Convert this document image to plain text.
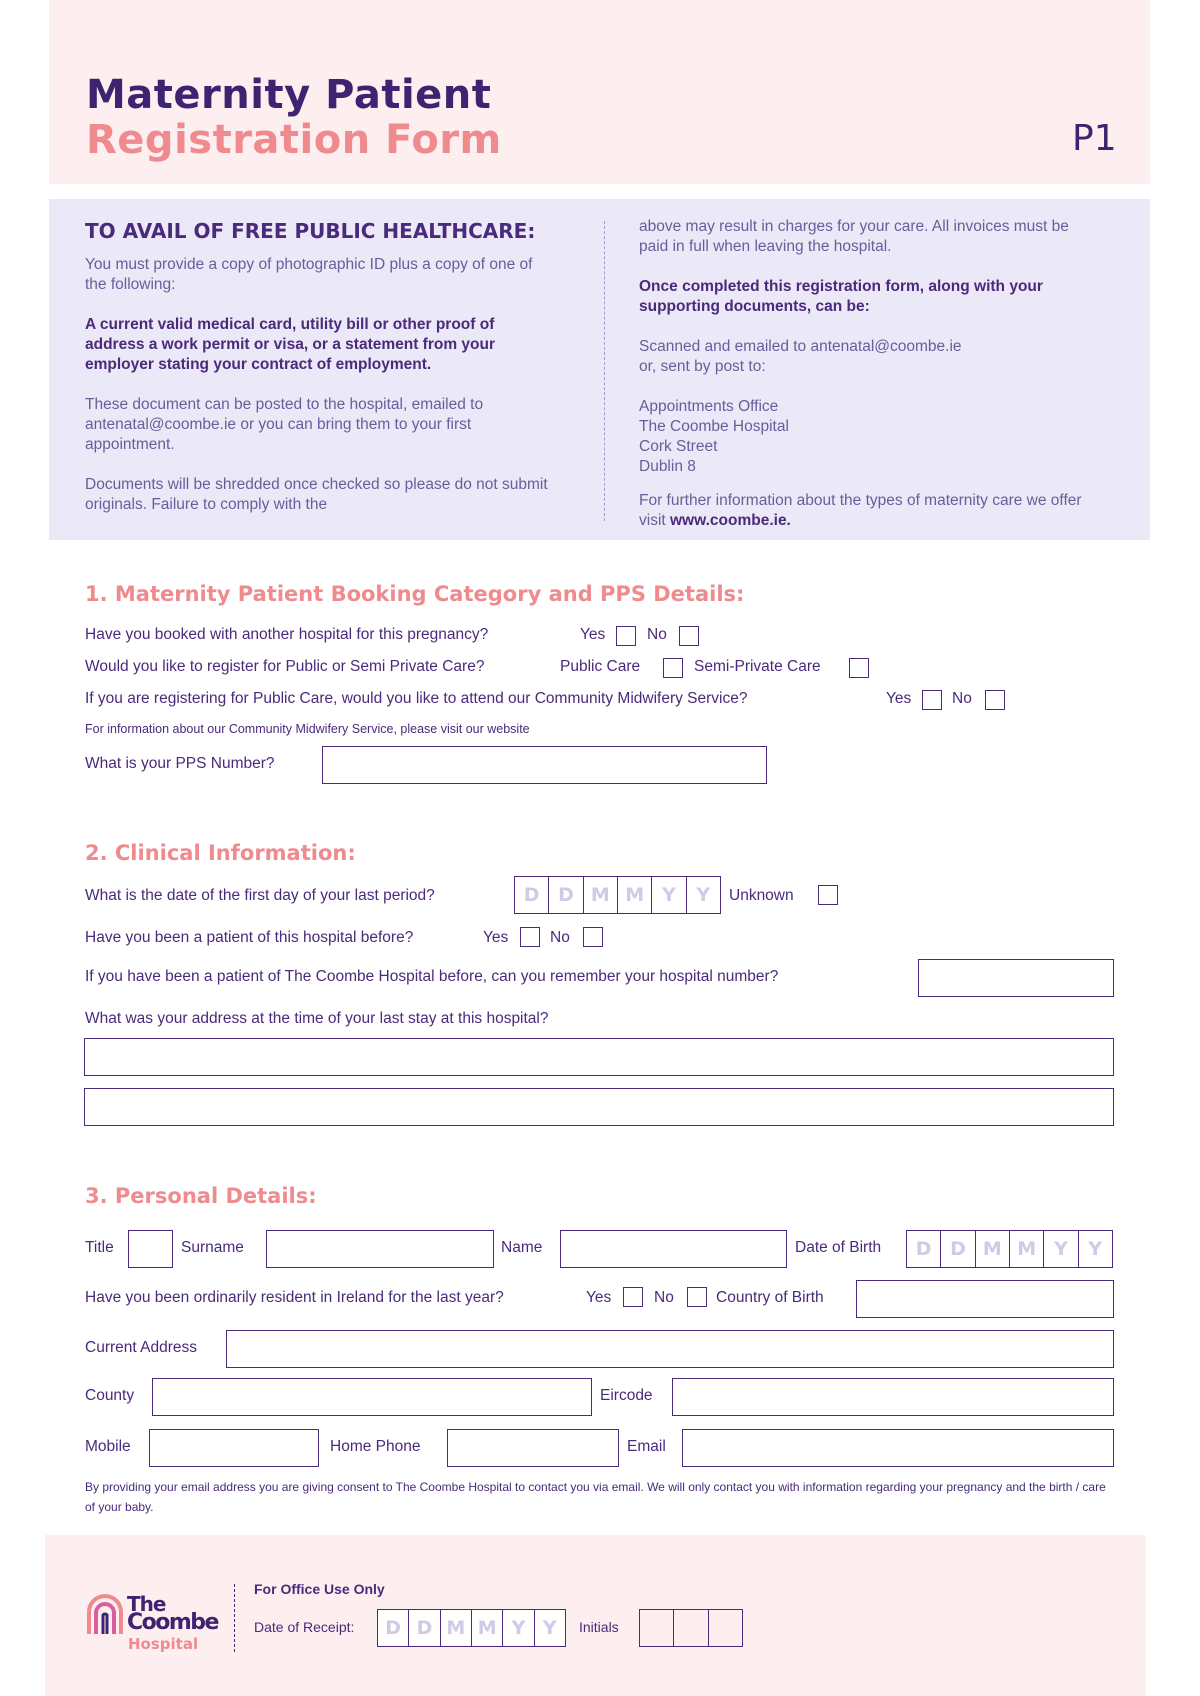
Maternity Patient
Registration Form	P1

TO AVAIL OF FREE PUBLIC HEALTHCARE:

You must provide a copy of photographic ID plus a copy of one of the following:

A current valid medical card, utility bill or other proof of address a work permit or visa, or a statement from your employer stating your contract of employment.

These document can be posted to the hospital, emailed to antenatal@coombe.ie or you can bring them to your first appointment.

Documents will be shredded once checked so please do not submit originals. Failure to comply with the

above may result in charges for your care. All invoices must be paid in full when leaving the hospital.

Once completed this registration form, along with your supporting documents, can be:

Scanned and emailed to antenatal@coombe.ie
or, sent by post to:

Appointments Office
The Coombe Hospital
Cork Street
Dublin 8

For further information about the types of maternity care we offer visit www.coombe.ie.

1. Maternity Patient Booking Category and PPS Details:
Have you booked with another hospital for this pregnancy?	Yes	No
Would you like to register for Public or Semi Private Care?	Public Care	Semi-Private Care
If you are registering for Public Care, would you like to attend our Community Midwifery Service?	Yes	No
For information about our Community Midwifery Service, please visit our website
What is your PPS Number?
2. Clinical Information:
What is the date of the first day of your last period?	D D M M Y	Y	Unknown
Have you been a patient of this hospital before?	Yes	No
If you have been a patient of The Coombe Hospital before, can you remember your hospital number?
What was your address at the time of your last stay at this hospital?
3. Personal Details:
Title	Surname	Name	Date of Birth	D D M M Y	Y
Have you been ordinarily resident in Ireland for the last year?	Yes	No	Country of Birth
Current Address
County	Eircode
Mobile	Home Phone	Email
By providing your email address you are giving consent to The Coombe Hospital to contact you via email. We will only contact you with information regarding your pregnancy and the birth / care of your baby.
The
Coombe
Hospital
For Office Use Only
Date of Receipt:	D D M M Y Y	Initials
